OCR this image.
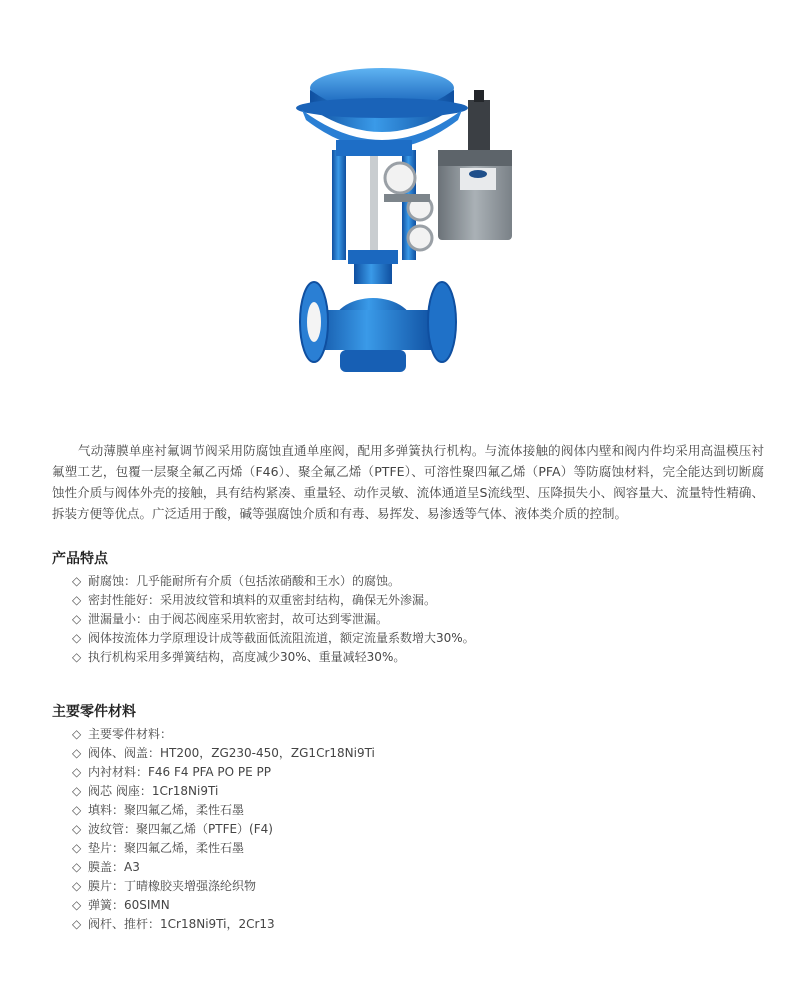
气动薄膜单座衬氟调节阀采用防腐蚀直通单座阀，配用多弹簧执行机构。与流体接触的阀体内壁和阀内件均采用高温模压衬氟塑工艺，包覆一层聚全氟乙丙烯（F46）、聚全氟乙烯（PTFE）、可溶性聚四氟乙烯（PFA）等防腐蚀材料，完全能达到切断腐蚀性介质与阀体外壳的接触，具有结构紧凑、重量轻、动作灵敏、流体通道呈S流线型、压降损失小、阀容量大、流量特性精确、拆装方便等优点。广泛适用于酸，碱等强腐蚀介质和有毒、易挥发、易渗透等气体、液体类介质的控制。

产品特点
◇ 耐腐蚀：几乎能耐所有介质（包括浓硝酸和王水）的腐蚀。
◇ 密封性能好：采用波纹管和填料的双重密封结构，确保无外渗漏。
◇ 泄漏量小：由于阀芯阀座采用软密封，故可达到零泄漏。
◇ 阀体按流体力学原理设计成等截面低流阻流道，额定流量系数增大30%。
◇ 执行机构采用多弹簧结构，高度减少30%、重量减轻30%。
主要零件材料
◇ 主要零件材料：
◇ 阀体、阀盖：HT200，ZG230-450，ZG1Cr18Ni9Ti
◇ 内衬材料：F46 F4 PFA PO PE PP
◇ 阀芯 阀座：1Cr18Ni9Ti
◇ 填料：聚四氟乙烯，柔性石墨
◇ 波纹管：聚四氟乙烯（PTFE）(F4)
◇ 垫片：聚四氟乙烯，柔性石墨
◇ 膜盖：A3
◇ 膜片：丁晴橡胶夹增强涤纶织物
◇ 弹簧：60SIMN
◇ 阀杆、推杆：1Cr18Ni9Ti，2Cr13
